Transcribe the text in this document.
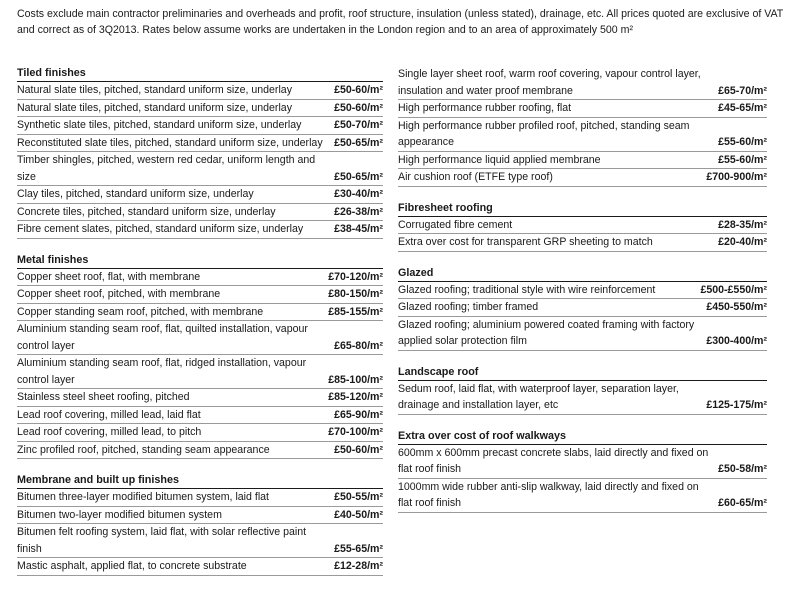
Costs exclude main contractor preliminaries and overheads and profit, roof structure, insulation (unless stated), drainage, etc. All prices quoted are exclusive of VAT and correct as of 3Q2013. Rates below assume works are undertaken in the London region and to an area of approximately 500 m²
Tiled finishes
Natural slate tiles, pitched, standard uniform size, underlay	£50-60/m²
Natural slate tiles, pitched, standard uniform size, underlay	£50-60/m²
Synthetic slate tiles, pitched, standard uniform size, underlay	£50-70/m²
Reconstituted slate tiles, pitched, standard uniform size, underlay	£50-65/m²
Timber shingles, pitched, western red cedar, uniform length and size	£50-65/m²
Clay tiles, pitched, standard uniform size, underlay	£30-40/m²
Concrete tiles, pitched, standard uniform size, underlay	£26-38/m²
Fibre cement slates, pitched, standard uniform size, underlay	£38-45/m²
Metal finishes
Copper sheet roof, flat, with membrane	£70-120/m²
Copper sheet roof, pitched, with membrane	£80-150/m²
Copper standing seam roof, pitched, with membrane	£85-155/m²
Aluminium standing seam roof, flat, quilted installation, vapour control layer	£65-80/m²
Aluminium standing seam roof, flat, ridged installation, vapour control layer	£85-100/m²
Stainless steel sheet roofing, pitched	£85-120/m²
Lead roof covering, milled lead, laid flat	£65-90/m²
Lead roof covering, milled lead, to pitch	£70-100/m²
Zinc profiled roof, pitched, standing seam appearance	£50-60/m²
Membrane and built up finishes
Bitumen three-layer modified bitumen system, laid flat	£50-55/m²
Bitumen two-layer modified bitumen system	£40-50/m²
Bitumen felt roofing system, laid flat, with solar reflective paint finish	£55-65/m²
Mastic asphalt, applied flat, to concrete substrate	£12-28/m²
Single layer sheet roof, warm roof covering, vapour control layer, insulation and water proof membrane	£65-70/m²
High performance rubber roofing, flat	£45-65/m²
High performance rubber profiled roof, pitched, standing seam appearance	£55-60/m²
High performance liquid applied membrane	£55-60/m²
Air cushion roof (ETFE type roof)	£700-900/m²
Fibresheet roofing
Corrugated fibre cement	£28-35/m²
Extra over cost for transparent GRP sheeting to match	£20-40/m²
Glazed
Glazed roofing; traditional style with wire reinforcement	£500-£550/m²
Glazed roofing; timber framed	£450-550/m²
Glazed roofing; aluminium powered coated framing with factory applied solar protection film	£300-400/m²
Landscape roof
Sedum roof, laid flat, with waterproof layer, separation layer, drainage and installation layer, etc	£125-175/m²
Extra over cost of roof walkways
600mm x 600mm precast concrete slabs, laid directly and fixed on flat roof finish	£50-58/m²
1000mm wide rubber anti-slip walkway, laid directly and fixed on flat roof finish	£60-65/m²
